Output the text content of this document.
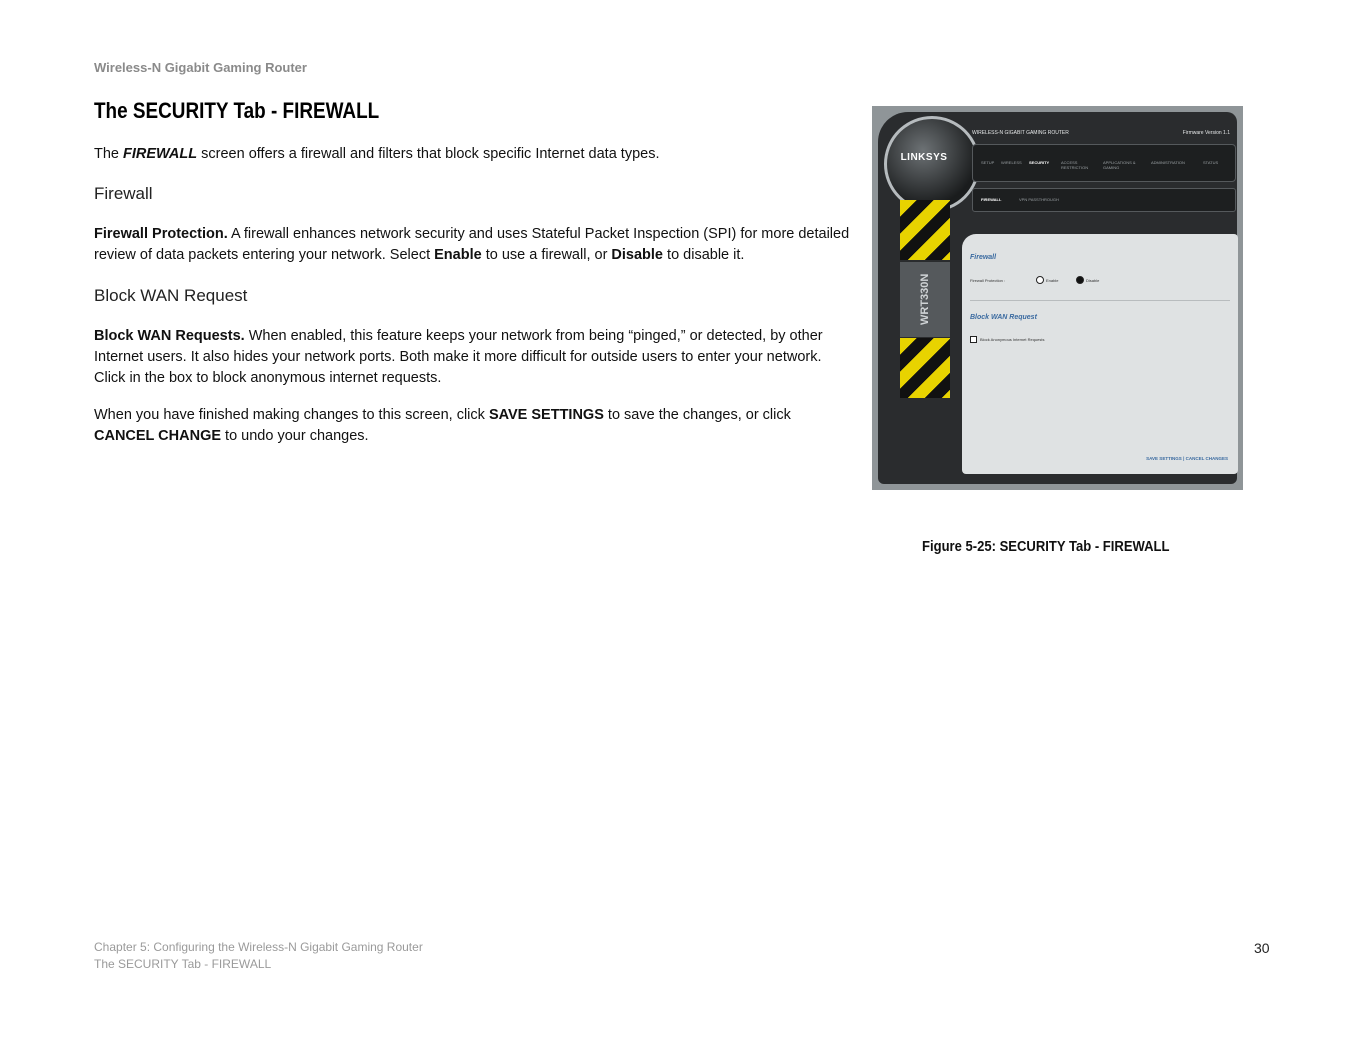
Wireless-N Gigabit Gaming Router
The SECURITY Tab - FIREWALL

The FIREWALL screen offers a firewall and filters that block specific Internet data types.

Firewall

Firewall Protection. A firewall enhances network security and uses Stateful Packet Inspection (SPI) for more detailed review of data packets entering your network. Select Enable to use a firewall, or Disable to disable it.

Block WAN Request

Block WAN Requests. When enabled, this feature keeps your network from being “pinged,” or detected, by other Internet users. It also hides your network ports. Both make it more difficult for outside users to enter your network. Click in the box to block anonymous internet requests.

When you have finished making changes to this screen, click SAVE SETTINGS to save the changes, or click CANCEL CHANGE to undo your changes.

LINKSYS
WRT330N
WIRELESS-N GIGABIT GAMING ROUTER	Firmware Version 1.1
SETUP WIRELESS SECURITY	ACCESS RESTRICTION
APPLICATIONS & GAMING
ADMINISTRATION	STATUS
FIREWALL	VPN PASSTHROUGH
Firewall
Firewall Protection :	Enable	Disable
Block WAN Request
Block Anonymous Internet Requests
SAVE SETTINGS | CANCEL CHANGES
Figure 5-25: SECURITY Tab - FIREWALL
Chapter 5: Configuring the Wireless-N Gigabit Gaming Router
The SECURITY Tab - FIREWALL
30
